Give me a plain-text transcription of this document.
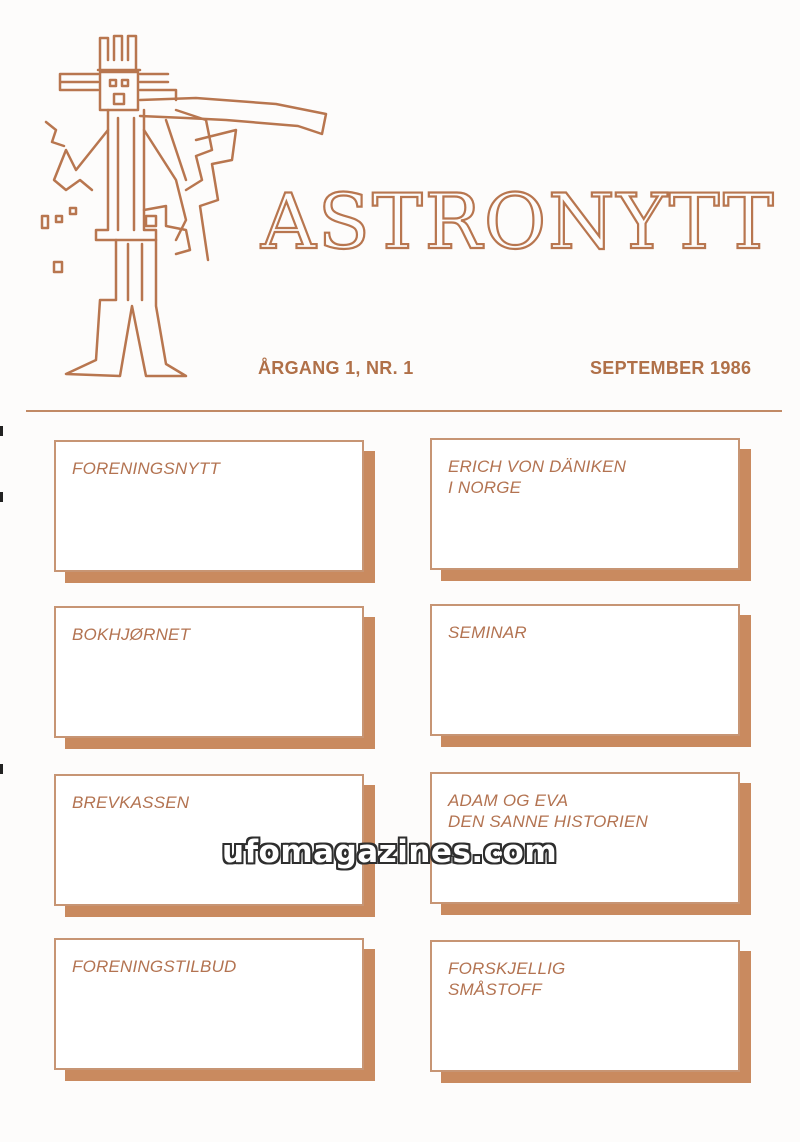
ASTRONYTT
ÅRGANG 1, NR. 1	SEPTEMBER 1986
FORENINGSNYTT	ERICH VON DÄNIKEN
I NORGE
BOKHJØRNET	SEMINAR
BREVKASSEN	ADAM OG EVA
DEN SANNE HISTORIEN
FORENINGSTILBUD	FORSKJELLIG
SMÅSTOFF
ufomagazines.com
